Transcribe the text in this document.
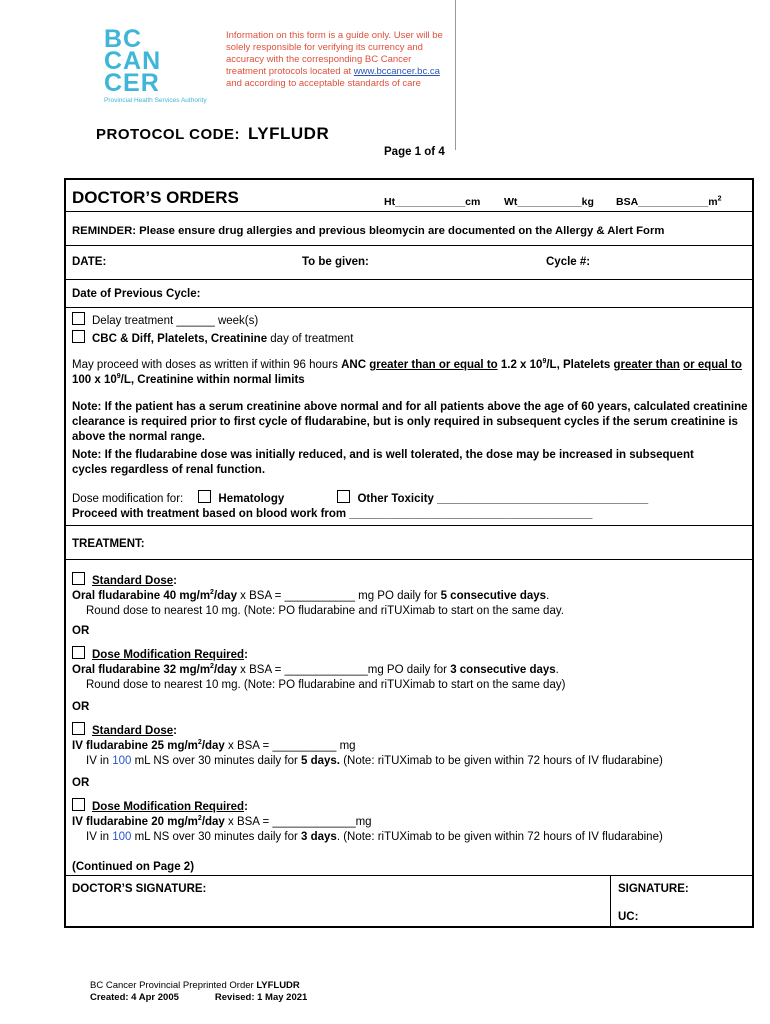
BC
CAN
CER
Provincial Health Services Authority
Information on this form is a guide only. User will be solely responsible for verifying its currency and accuracy with the corresponding BC Cancer treatment protocols located at www.bccancer.bc.ca and according to acceptable standards of care
PROTOCOL CODE: LYFLUDR
Page 1 of 4
DOCTOR’S ORDERS	Ht____________cm Wt___________kg $BSA\_\_\_\_\_\_\_\_\_\_\_\_m^2$
REMINDER: Please ensure drug allergies and previous bleomycin are documented on the Allergy & Alert Form
DATE:	To be given:	Cycle #:
Date of Previous Cycle:
Delay treatment ______ week(s)
CBC & Diff, Platelets, Creatinine day of treatment
May proceed with doses as written if within 96 hours ANC greater than or equal to 1.2 x $10^9/L$, Platelets greater than or equal to 100 x $10^9/L$, Creatinine within normal limits
Note: If the patient has a serum creatinine above normal and for all patients above the age of 60 years, calculated creatinine clearance is required prior to first cycle of fludarabine, but is only required in subsequent cycles if the serum creatinine is above the normal range.
Note: If the fludarabine dose was initially reduced, and is well tolerated, the dose may be increased in subsequent cycles regardless of renal function.
Dose modification for:	Hematology	Other Toxicity _________________________________
Proceed with treatment based on blood work from ______________________________________
TREATMENT:
Standard Dose:
Oral fludarabine 40 $mg/m^2$/day x BSA = ___________ mg PO daily for 5 consecutive days.
Round dose to nearest 10 mg. (Note: PO fludarabine and riTUXimab to start on the same day.
OR
Dose Modification Required:
Oral fludarabine 32 $mg/m^2$/day x BSA = _____________mg PO daily for 3 consecutive days.
Round dose to nearest 10 mg. (Note: PO fludarabine and riTUXimab to start on the same day)
OR
Standard Dose:
IV fludarabine 25 $mg/m^2$/day x BSA = __________ mg
IV in 100 mL NS over 30 minutes daily for 5 days. (Note: riTUXimab to be given within 72 hours of IV fludarabine)
OR
Dose Modification Required:
IV fludarabine 20 $mg/m^2$/day x BSA = _____________mg
IV in 100 mL NS over 30 minutes daily for 3 days. (Note: riTUXimab to be given within 72 hours of IV fludarabine)
(Continued on Page 2)
DOCTOR’S SIGNATURE:	SIGNATURE:
UC:
BC Cancer Provincial Preprinted Order LYFLUDR
Created: 4 Apr 2005	Revised: 1 May 2021
